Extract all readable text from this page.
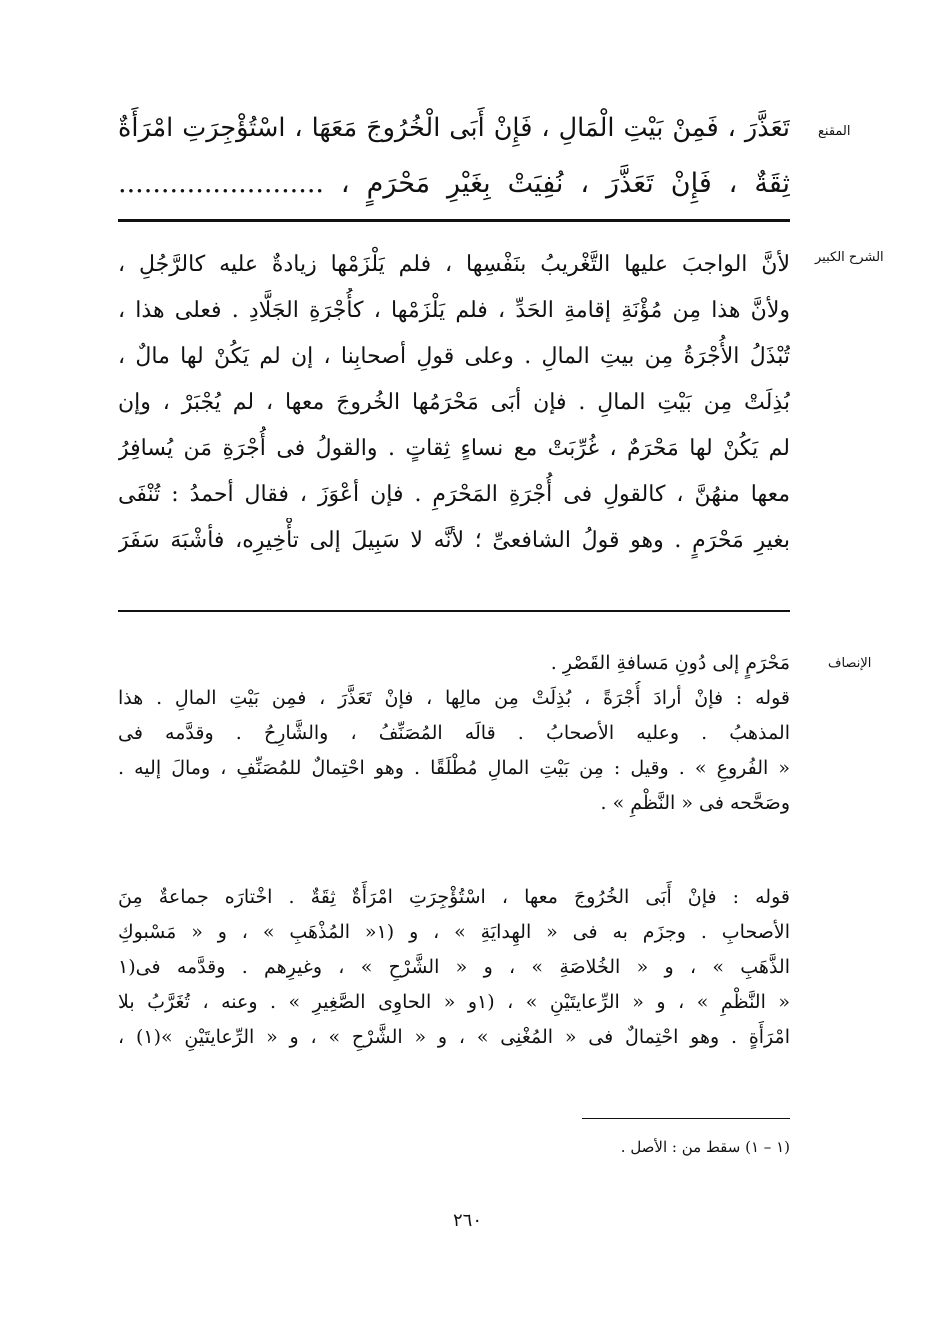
المقنع
الشرح الكبير
الإنصاف
تَعَذَّرَ ، فَمِنْ بَيْتِ الْمَالِ ، فَإِنْ أَبَى الْخُرُوجَ مَعَهَا ، اسْتُؤْجِرَتِ امْرَأَةٌ
ثِقَةٌ ، فَإِنْ تَعَذَّرَ ، نُفِيَتْ بِغَيْرِ مَحْرَمٍ ، ........................
لأنَّ الواجبَ عليها التَّغْريبُ بنَفْسِها ، فلم يَلْزَمْها زيادةٌ عليه كالرَّجُلِ ،
ولأنَّ هذا مِن مُؤْنَةِ إقامةِ الحَدِّ ، فلم يَلْزَمْها ، كأُجْرَةِ الجَلَّادِ . فعلى هذا ،
تُبْذَلُ الأُجْرَةُ مِن بيتِ المالِ . وعلى قولِ أصحابِنا ، إن لم يَكُنْ لها مالٌ ،
بُذِلَتْ مِن بَيْتِ المالِ . فإن أبَى مَحْرَمُها الخُروجَ معها ، لم يُجْبَرْ ، وإن
لم يَكُنْ لها مَحْرَمٌ ، غُرِّبَتْ مع نساءٍ ثِقاتٍ . والقولُ فى أُجْرَةِ مَن يُسافِرُ
معها منهُنَّ ، كالقولِ فى أُجْرَةِ المَحْرَمِ . فإن أعْوَزَ ، فقال أحمدُ : تُنْفَى
بغيرِ مَحْرَمٍ . وهو قولُ الشافعىِّ ؛ لأنَّه لا سَبِيلَ إلى تأْخِيرِه، فأشْبَهَ سَفَرَ
مَحْرَمٍ إلى دُونِ مَسافةِ القَصْرِ .
قوله : فإنْ أرادَ أُجْرَةً ، بُذِلَتْ مِن مالِها ، فإنْ تَعَذَّرَ ، فمِن بَيْتِ المالِ . هذا
المذهبُ . وعليه الأصحابُ . قالَه المُصَنِّفُ ، والشَّارِحُ . وقدَّمه فى
« الفُروعِ » . وقيل : مِن بَيْتِ المالِ مُطْلَقًا . وهو احْتِمالٌ للمُصَنِّفِ ، ومالَ إليه .
وصَحَّحه فى « النَّظْمِ » .
قوله : فإنْ أَبَى الخُرُوجَ معها ، اسْتُؤْجِرَتِ امْرَأَةٌ ثِقَةٌ . اخْتارَه جماعةٌ مِنَ
الأصحابِ . وجزَم به فى « الهِدايَةِ » ، و (١« المُذْهَبِ » ، و « مَسْبوكِ
الذَّهَبِ » ، و « الخُلاصَةِ » ، و « الشَّرْحِ » ، وغيرِهم . وقدَّمه فى(١
« النَّظْمِ » ، و « الرِّعايتَيْنِ » ، (١و « الحاوِى الصَّغِيرِ » . وعنه ، تُغَرَّبُ بلا
امْرَأَةٍ . وهو احْتِمالٌ فى « المُغْنِى » ، و « الشَّرْحِ » ، و « الرِّعايتَيْنِ »(١) ،
(١ – ١) سقط من : الأصل .
٢٦٠
